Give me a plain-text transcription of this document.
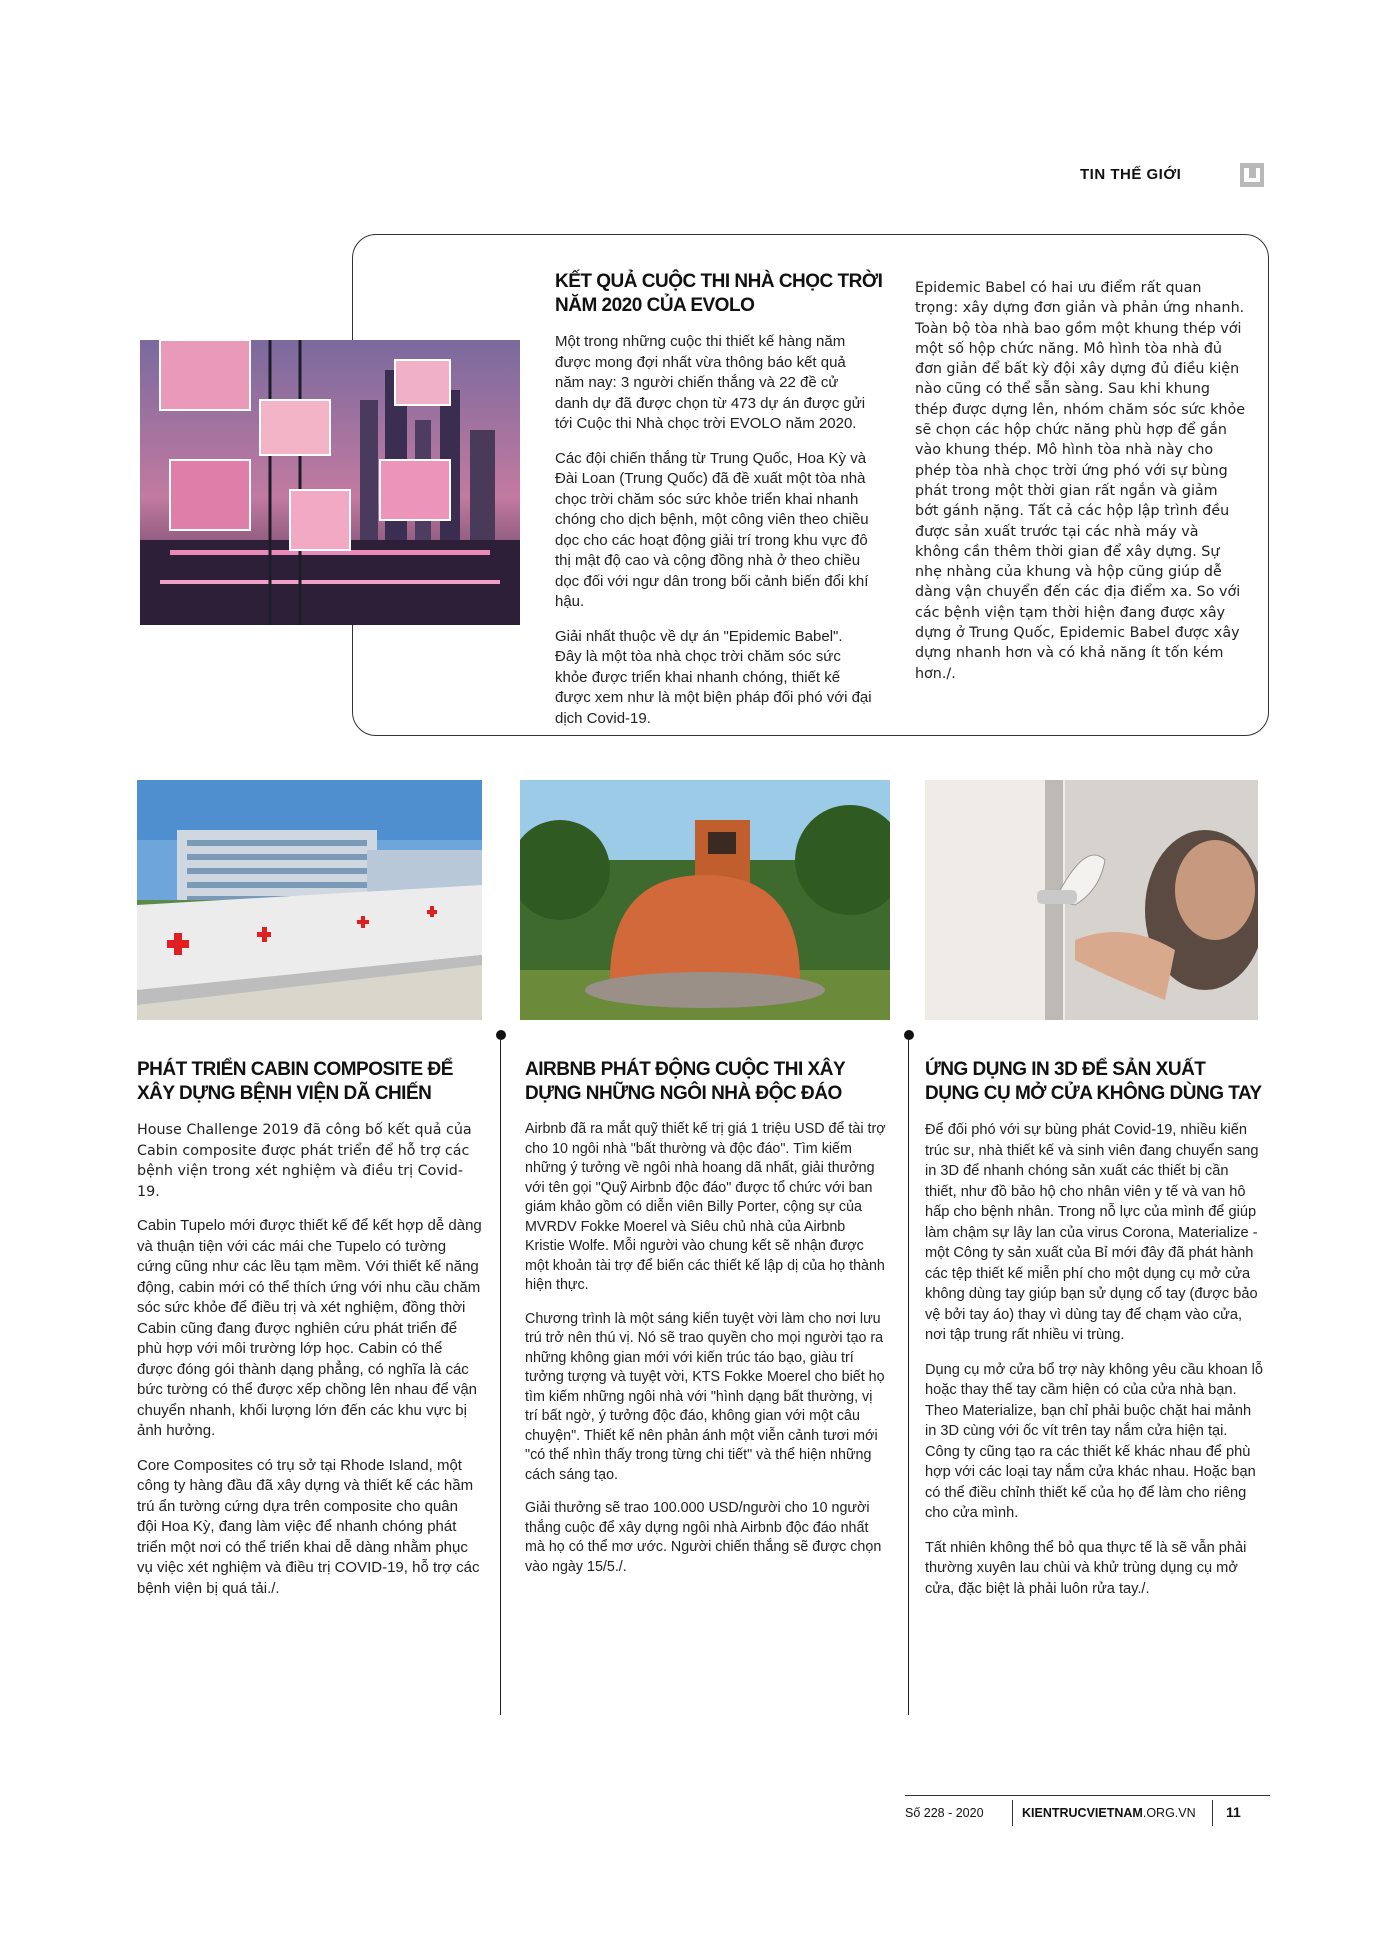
TIN THẾ GIỚI
KẾT QUẢ CUỘC THI NHÀ CHỌC TRỜI NĂM 2020 CỦA EVOLO

Một trong những cuộc thi thiết kế hàng năm được mong đợi nhất vừa thông báo kết quả năm nay: 3 người chiến thắng và 22 đề cử danh dự đã được chọn từ 473 dự án được gửi tới Cuộc thi Nhà chọc trời EVOLO năm 2020.

Các đội chiến thắng từ Trung Quốc, Hoa Kỳ và Đài Loan (Trung Quốc) đã đề xuất một tòa nhà chọc trời chăm sóc sức khỏe triển khai nhanh chóng cho dịch bệnh, một công viên theo chiều dọc cho các hoạt động giải trí trong khu vực đô thị mật độ cao và cộng đồng nhà ở theo chiều dọc đối với ngư dân trong bối cảnh biến đổi khí hậu.

Giải nhất thuộc về dự án "Epidemic Babel". Đây là một tòa nhà chọc trời chăm sóc sức khỏe được triển khai nhanh chóng, thiết kế được xem như là một biện pháp đối phó với đại dịch Covid-19.

Epidemic Babel có hai ưu điểm rất quan trọng: xây dựng đơn giản và phản ứng nhanh. Toàn bộ tòa nhà bao gồm một khung thép với một số hộp chức năng. Mô hình tòa nhà đủ đơn giản để bất kỳ đội xây dựng đủ điều kiện nào cũng có thể sẵn sàng. Sau khi khung thép được dựng lên, nhóm chăm sóc sức khỏe sẽ chọn các hộp chức năng phù hợp để gắn vào khung thép. Mô hình tòa nhà này cho phép tòa nhà chọc trời ứng phó với sự bùng phát trong một thời gian rất ngắn và giảm bớt gánh nặng. Tất cả các hộp lập trình đều được sản xuất trước tại các nhà máy và không cần thêm thời gian để xây dựng. Sự nhẹ nhàng của khung và hộp cũng giúp dễ dàng vận chuyển đến các địa điểm xa. So với các bệnh viện tạm thời hiện đang được xây dựng ở Trung Quốc, Epidemic Babel được xây dựng nhanh hơn và có khả năng ít tốn kém hơn./.

PHÁT TRIỂN CABIN COMPOSITE ĐỂ XÂY DỰNG BỆNH VIỆN DÃ CHIẾN

House Challenge 2019 đã công bố kết quả của Cabin composite được phát triển để hỗ trợ các bệnh viện trong xét nghiệm và điều trị Covid-19.

Cabin Tupelo mới được thiết kế để kết hợp dễ dàng và thuận tiện với các mái che Tupelo có tường cứng cũng như các lều tạm mềm. Với thiết kế năng động, cabin mới có thể thích ứng với nhu cầu chăm sóc sức khỏe để điều trị và xét nghiệm, đồng thời Cabin cũng đang được nghiên cứu phát triển để phù hợp với môi trường lớp học. Cabin có thể được đóng gói thành dạng phẳng, có nghĩa là các bức tường có thể được xếp chồng lên nhau để vận chuyển nhanh, khối lượng lớn đến các khu vực bị ảnh hưởng.

Core Composites có trụ sở tại Rhode Island, một công ty hàng đầu đã xây dựng và thiết kế các hầm trú ẩn tường cứng dựa trên composite cho quân đội Hoa Kỳ, đang làm việc để nhanh chóng phát triển một nơi có thể triển khai dễ dàng nhằm phục vụ việc xét nghiệm và điều trị COVID-19, hỗ trợ các bệnh viện bị quá tải./.

AIRBNB PHÁT ĐỘNG CUỘC THI XÂY DỰNG NHỮNG NGÔI NHÀ ĐỘC ĐÁO

Airbnb đã ra mắt quỹ thiết kế trị giá 1 triệu USD để tài trợ cho 10 ngôi nhà "bất thường và độc đáo". Tìm kiếm những ý tưởng về ngôi nhà hoang dã nhất, giải thưởng với tên gọi "Quỹ Airbnb độc đáo" được tổ chức với ban giám khảo gồm có diễn viên Billy Porter, cộng sự của MVRDV Fokke Moerel và Siêu chủ nhà của Airbnb Kristie Wolfe. Mỗi người vào chung kết sẽ nhận được một khoản tài trợ để biến các thiết kế lập dị của họ thành hiện thực.

Chương trình là một sáng kiến tuyệt vời làm cho nơi lưu trú trở nên thú vị. Nó sẽ trao quyền cho mọi người tạo ra những không gian mới với kiến trúc táo bạo, giàu trí tưởng tượng và tuyệt vời, KTS Fokke Moerel cho biết họ tìm kiếm những ngôi nhà với "hình dạng bất thường, vị trí bất ngờ, ý tưởng độc đáo, không gian với một câu chuyện". Thiết kế nên phản ánh một viễn cảnh tươi mới "có thể nhìn thấy trong từng chi tiết" và thể hiện những cách sáng tạo.

Giải thưởng sẽ trao 100.000 USD/người cho 10 người thắng cuộc để xây dựng ngôi nhà Airbnb độc đáo nhất mà họ có thể mơ ước. Người chiến thắng sẽ được chọn vào ngày 15/5./.

ỨNG DỤNG IN 3D ĐỂ SẢN XUẤT DỤNG CỤ MỞ CỬA KHÔNG DÙNG TAY

Để đối phó với sự bùng phát Covid-19, nhiều kiến trúc sư, nhà thiết kế và sinh viên đang chuyển sang in 3D để nhanh chóng sản xuất các thiết bị cần thiết, như đồ bảo hộ cho nhân viên y tế và van hô hấp cho bệnh nhân. Trong nỗ lực của mình để giúp làm chậm sự lây lan của virus Corona, Materialize - một Công ty sản xuất của Bỉ mới đây đã phát hành các tệp thiết kế miễn phí cho một dụng cụ mở cửa không dùng tay giúp bạn sử dụng cổ tay (được bảo vệ bởi tay áo) thay vì dùng tay để chạm vào cửa, nơi tập trung rất nhiều vi trùng.

Dụng cụ mở cửa bổ trợ này không yêu cầu khoan lỗ hoặc thay thế tay cầm hiện có của cửa nhà bạn. Theo Materialize, bạn chỉ phải buộc chặt hai mảnh in 3D cùng với ốc vít trên tay nắm cửa hiện tại. Công ty cũng tạo ra các thiết kế khác nhau để phù hợp với các loại tay nắm cửa khác nhau. Hoặc bạn có thể điều chỉnh thiết kế của họ để làm cho riêng cho cửa mình.

Tất nhiên không thể bỏ qua thực tế là sẽ vẫn phải thường xuyên lau chùi và khử trùng dụng cụ mở cửa, đặc biệt là phải luôn rửa tay./.

Số 228 - 2020	KIENTRUCVIETNAM.ORG.VN 11
